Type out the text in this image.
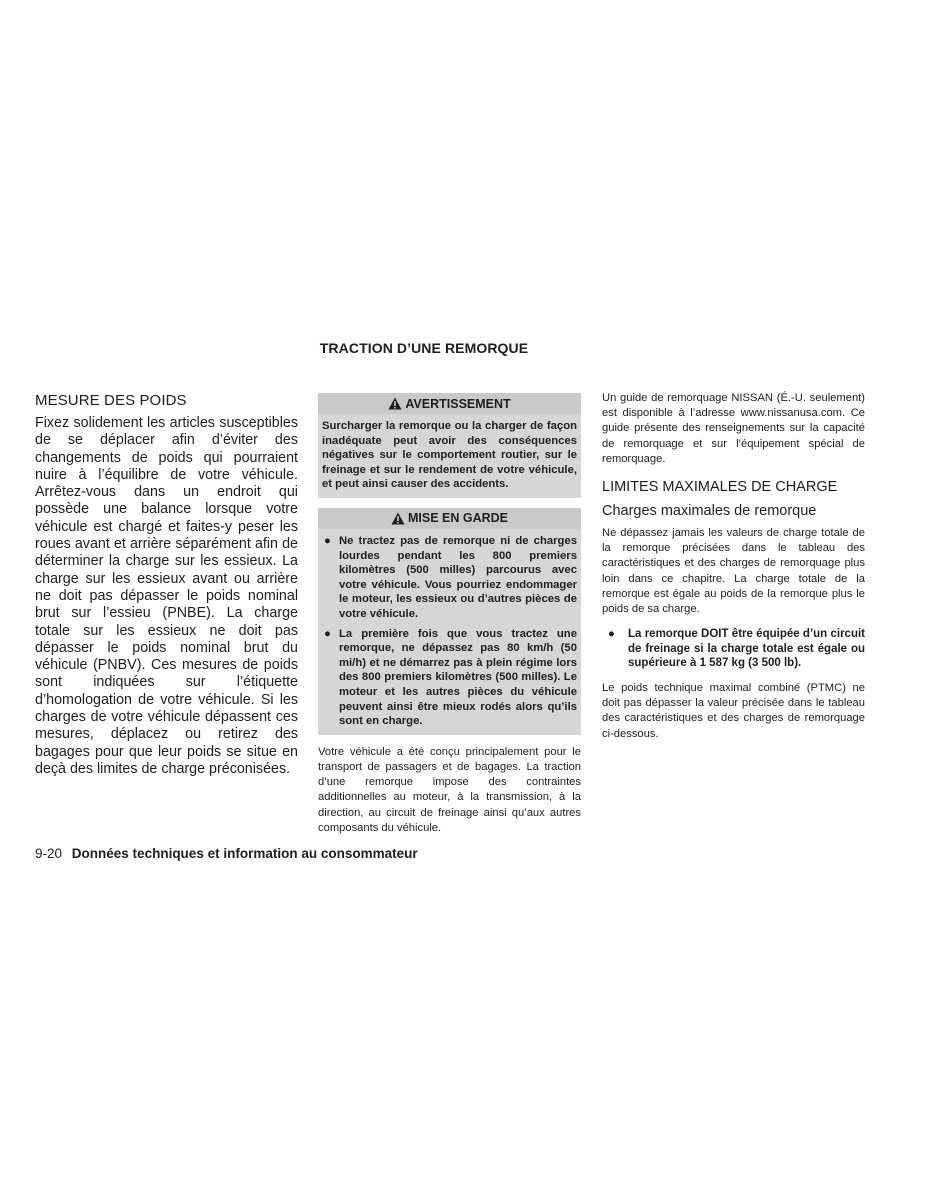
TRACTION D’UNE REMORQUE
MESURE DES POIDS

Fixez solidement les articles susceptibles de se déplacer afin d’éviter des changements de poids qui pourraient nuire à l’équilibre de votre véhicule. Arrêtez-vous dans un endroit qui possède une balance lorsque votre véhicule est chargé et faites-y peser les roues avant et arrière séparément afin de déterminer la charge sur les essieux. La charge sur les essieux avant ou arrière ne doit pas dépasser le poids nominal brut sur l’essieu (PNBE). La charge totale sur les essieux ne doit pas dépasser le poids nominal brut du véhicule (PNBV). Ces mesures de poids sont indiquées sur l’étiquette d’homologation de votre véhicule. Si les charges de votre véhicule dépassent ces mesures, déplacez ou retirez des bagages pour que leur poids se situe en deçà des limites de charge préconisées.

AVERTISSEMENT

Surcharger la remorque ou la charger de façon inadéquate peut avoir des conséquences négatives sur le comportement routier, sur le freinage et sur le rendement de votre véhicule, et peut ainsi causer des accidents.

MISE EN GARDE
● Ne tractez pas de remorque ni de charges lourdes pendant les 800 premiers kilomètres (500 milles) parcourus avec votre véhicule. Vous pourriez endommager le moteur, les essieux ou d’autres pièces de votre véhicule.
● La première fois que vous tractez une remorque, ne dépassez pas 80 km/h (50 mi/h) et ne démarrez pas à plein régime lors des 800 premiers kilomètres (500 milles). Le moteur et les autres pièces du véhicule peuvent ainsi être mieux rodés alors qu’ils sont en charge.

Votre véhicule a été conçu principalement pour le transport de passagers et de bagages. La traction d’une remorque impose des contraintes additionnelles au moteur, à la transmission, à la direction, au circuit de freinage ainsi qu’aux autres composants du véhicule.

Un guide de remorquage NISSAN (É.-U. seulement) est disponible à l’adresse www.nissanusa.com. Ce guide présente des renseignements sur la capacité de remorquage et sur l’équipement spécial de remorquage.

LIMITES MAXIMALES DE CHARGE
Charges maximales de remorque

Ne dépassez jamais les valeurs de charge totale de la remorque précisées dans le tableau des caractéristiques et des charges de remorquage plus loin dans ce chapitre. La charge totale de la remorque est égale au poids de la remorque plus le poids de sa charge.

●	La remorque DOIT être équipée d’un circuit de freinage si la charge totale est égale ou supérieure à 1 587 kg (3 500 lb).

Le poids technique maximal combiné (PTMC) ne doit pas dépasser la valeur précisée dans le tableau des caractéristiques et des charges de remorquage ci-dessous.

9-20 Données techniques et information au consommateur
